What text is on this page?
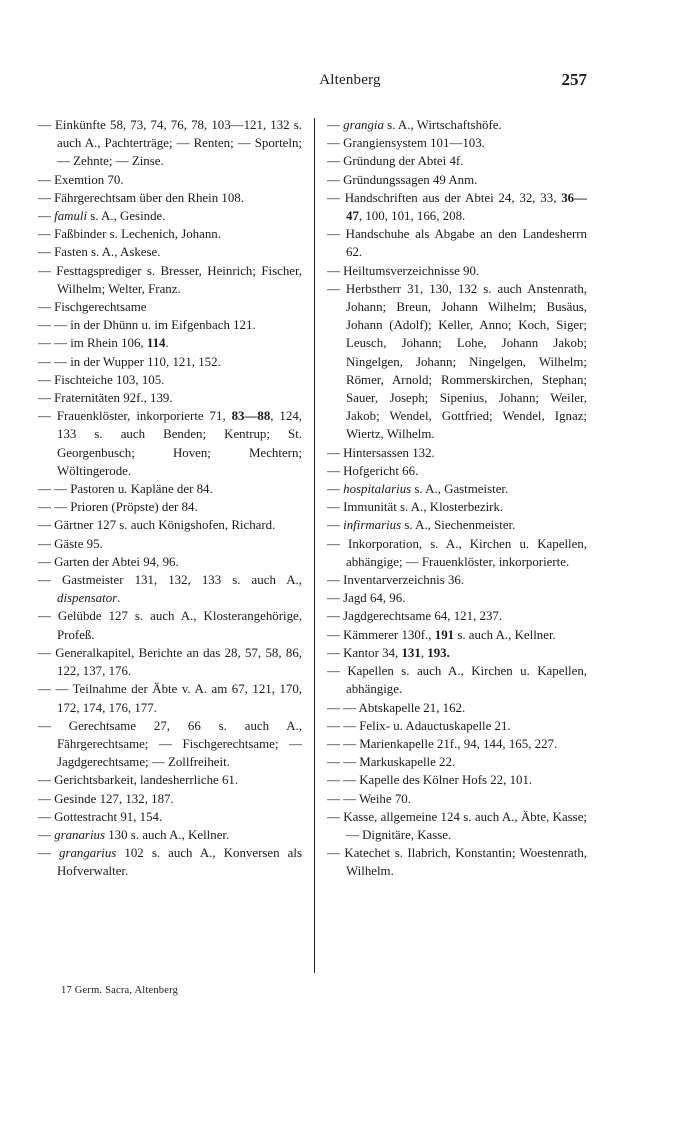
Altenberg	257

— Einkünfte 58, 73, 74, 76, 78, 103—121, 132 s. auch A., Pachterträge; — Renten; — Sporteln; — Zehnte; — Zinse.

— Exemtion 70.

— Fährgerechtsam über den Rhein 108.

— famuli s. A., Gesinde.

— Faßbinder s. Lechenich, Johann.

— Fasten s. A., Askese.

— Festtagsprediger s. Bresser, Heinrich; Fischer, Wilhelm; Welter, Franz.

— Fischgerechtsame

— — in der Dhünn u. im Eifgenbach 121.

— — im Rhein 106, 114.

— — in der Wupper 110, 121, 152.

— Fischteiche 103, 105.

— Fraternitäten 92f., 139.

— Frauenklöster, inkorporierte 71, 83—88, 124, 133 s. auch Benden; Kentrup; St. Georgenbusch; Hoven; Mechtern; Wöltingerode.

— — Pastoren u. Kapläne der 84.

— — Prioren (Pröpste) der 84.

— Gärtner 127 s. auch Königshofen, Richard.

— Gäste 95.

— Garten der Abtei 94, 96.

— Gastmeister 131, 132, 133 s. auch A., dispensator.

— Gelübde 127 s. auch A., Klosterangehörige, Profeß.

— Generalkapitel, Berichte an das 28, 57, 58, 86, 122, 137, 176.

— — Teilnahme der Äbte v. A. am 67, 121, 170, 172, 174, 176, 177.

— Gerechtsame 27, 66 s. auch A., Fährgerechtsame; — Fischgerechtsame; — Jagdgerechtsame; — Zollfreiheit.

— Gerichtsbarkeit, landesherrliche 61.

— Gesinde 127, 132, 187.

— Gottestracht 91, 154.

— granarius 130 s. auch A., Kellner.

— grangarius 102 s. auch A., Konversen als Hofverwalter.

— grangia s. A., Wirtschaftshöfe.

— Grangiensystem 101—103.

— Gründung der Abtei 4f.

— Gründungssagen 49 Anm.

— Handschriften aus der Abtei 24, 32, 33, 36—47, 100, 101, 166, 208.

— Handschuhe als Abgabe an den Landesherrn 62.

— Heiltumsverzeichnisse 90.

— Herbstherr 31, 130, 132 s. auch Anstenrath, Johann; Breun, Johann Wilhelm; Busäus, Johann (Adolf); Keller, Anno; Koch, Siger; Leusch, Johann; Lohe, Johann Jakob; Ningelgen, Johann; Ningelgen, Wilhelm; Römer, Arnold; Rommerskirchen, Stephan; Sauer, Joseph; Sipenius, Johann; Weiler, Jakob; Wendel, Gottfried; Wendel, Ignaz; Wiertz, Wilhelm.

— Hintersassen 132.

— Hofgericht 66.

— hospitalarius s. A., Gastmeister.

— Immunität s. A., Klosterbezirk.

— infirmarius s. A., Siechenmeister.

— Inkorporation, s. A., Kirchen u. Kapellen, abhängige; — Frauenklöster, inkorporierte.

— Inventarverzeichnis 36.

— Jagd 64, 96.

— Jagdgerechtsame 64, 121, 237.

— Kämmerer 130f., 191 s. auch A., Kellner.

— Kantor 34, 131, 193.

— Kapellen s. auch A., Kirchen u. Kapellen, abhängige.

— — Abtskapelle 21, 162.

— — Felix- u. Adauctuskapelle 21.

— — Marienkapelle 21f., 94, 144, 165, 227.

— — Markuskapelle 22.

— — Kapelle des Kölner Hofs 22, 101.

— — Weihe 70.

— Kasse, allgemeine 124 s. auch A., Äbte, Kasse; — Dignitäre, Kasse.

— Katechet s. Ilabrich, Konstantin; Woestenrath, Wilhelm.

17 Germ. Sacra, Altenberg
